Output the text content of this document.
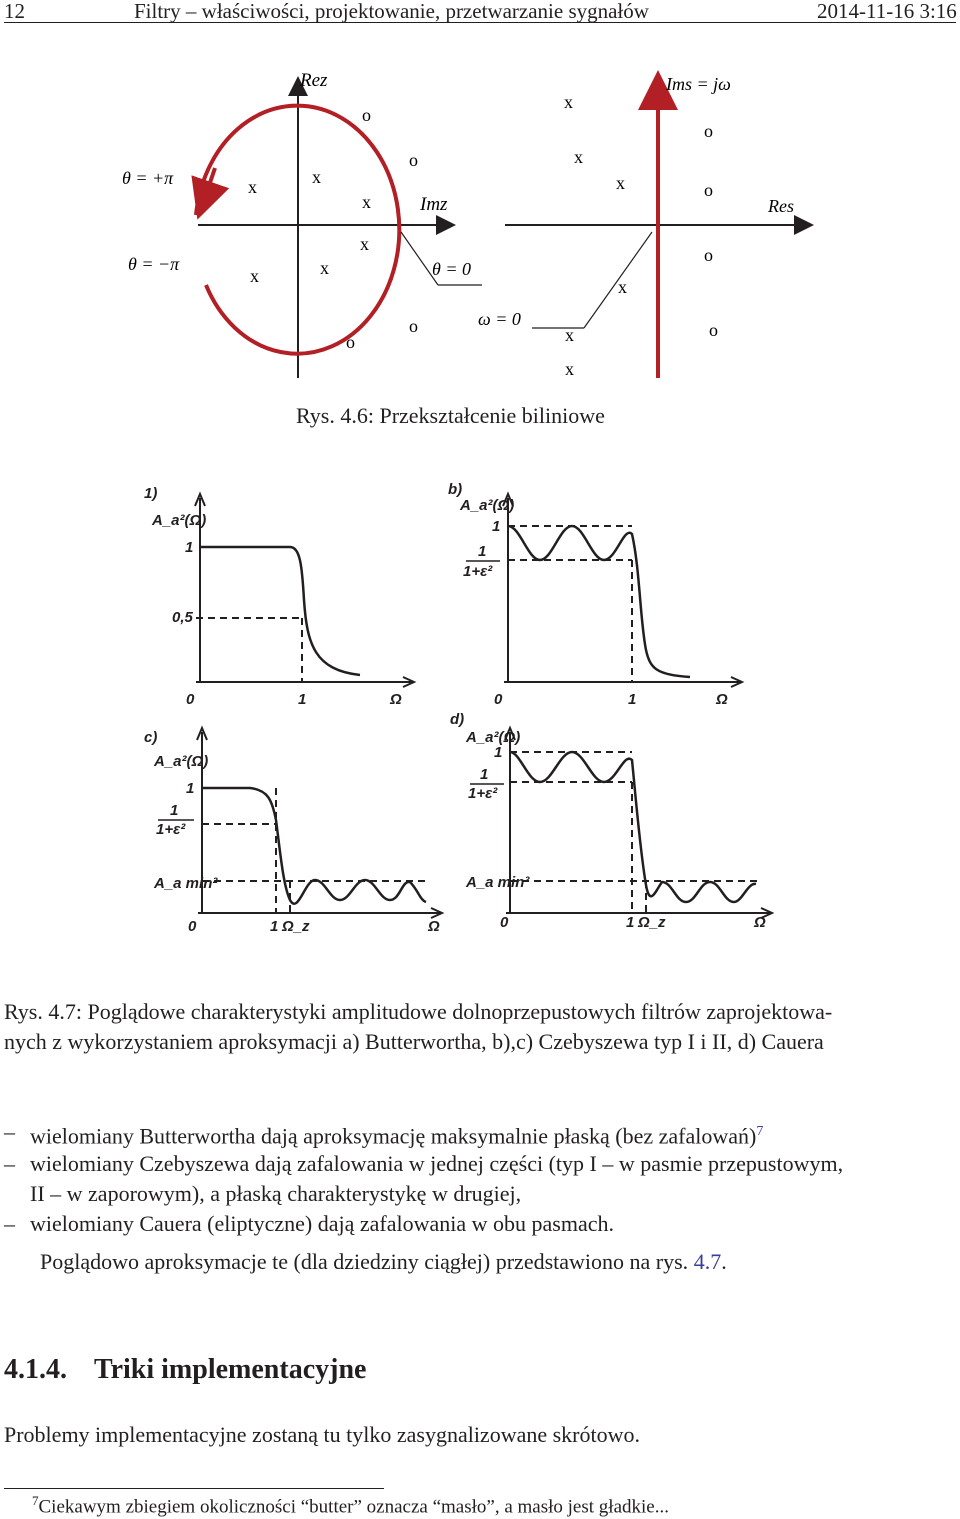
12	Filtry – właściwości, projektowanie, przetwarzanie sygnałów	2014-11-16 3:16
Rez
Imz
θ = +π
θ = −π	θ = 0
x	x
x
x
x
x
o
o
o
o
Ims = jω
Res
ω = 0
x
x
x
x
x
x
o
o
o
o
Rys. 4.6: Przekształcenie biliniowe
1)
A_a²(Ω)
1
0,5
0	1	Ω
b)
A_a²(Ω)
1
1
1+ε²
0	1	Ω
c)
A_a²(Ω)
1
1
1+ε²
A_a min²
0	1 Ω_z	Ω
d)
A_a²(Ω)
1
1
1+ε²
A_a min²
0	1 Ω_z	Ω
Rys. 4.7: Poglądowe charakterystyki amplitudowe dolnoprzepustowych filtrów zaprojektowa-
nych z wykorzystaniem aproksymacji a) Butterwortha, b),c) Czebyszewa typ I i II, d) Cauera
– wielomiany Butterwortha dają aproksymację maksymalnie płaską (bez zafalowań)$^7$
– wielomiany Czebyszewa dają zafalowania w jednej części (typ I – w pasmie przepustowym,
II – w zaporowym), a płaską charakterystykę w drugiej,
– wielomiany Cauera (eliptyczne) dają zafalowania w obu pasmach.
Poglądowo aproksymacje te (dla dziedziny ciągłej) przedstawiono na rys. 4.7.
4.1.4. Triki implementacyjne
Problemy implementacyjne zostaną tu tylko zasygnalizowane skrótowo.
$^7$Ciekawym zbiegiem okoliczności “butter” oznacza “masło”, a masło jest gładkie...
